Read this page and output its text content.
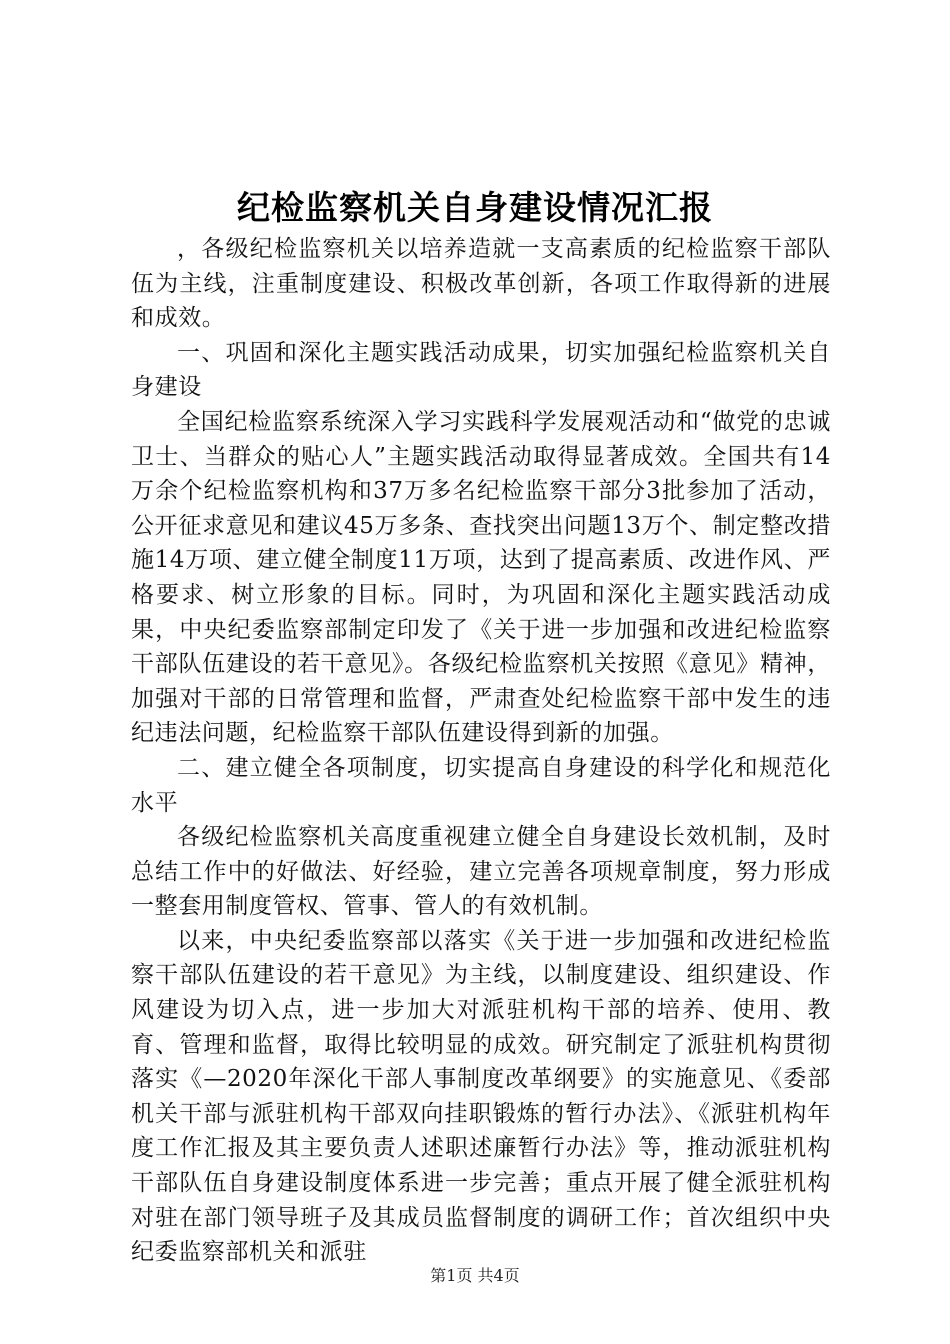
纪检监察机关自身建设情况汇报

，各级纪检监察机关以培养造就一支高素质的纪检监察干部队伍为主线，注重制度建设、积极改革创新，各项工作取得新的进展和成效。

一、巩固和深化主题实践活动成果，切实加强纪检监察机关自身建设

全国纪检监察系统深入学习实践科学发展观活动和“做党的忠诚卫士、当群众的贴心人”主题实践活动取得显著成效。全国共有14万余个纪检监察机构和37万多名纪检监察干部分3批参加了活动，公开征求意见和建议45万多条、查找突出问题13万个、制定整改措施14万项、建立健全制度11万项，达到了提高素质、改进作风、严格要求、树立形象的目标。同时，为巩固和深化主题实践活动成果，中央纪委监察部制定印发了《关于进一步加强和改进纪检监察干部队伍建设的若干意见》。各级纪检监察机关按照《意见》精神，加强对干部的日常管理和监督，严肃查处纪检监察干部中发生的违纪违法问题，纪检监察干部队伍建设得到新的加强。

二、建立健全各项制度，切实提高自身建设的科学化和规范化水平

各级纪检监察机关高度重视建立健全自身建设长效机制，及时总结工作中的好做法、好经验，建立完善各项规章制度，努力形成一整套用制度管权、管事、管人的有效机制。

以来，中央纪委监察部以落实《关于进一步加强和改进纪检监察干部队伍建设的若干意见》为主线，以制度建设、组织建设、作风建设为切入点，进一步加大对派驻机构干部的培养、使用、教育、管理和监督，取得比较明显的成效。研究制定了派驻机构贯彻落实《—2020年深化干部人事制度改革纲要》的实施意见、《委部机关干部与派驻机构干部双向挂职锻炼的暂行办法》、《派驻机构年度工作汇报及其主要负责人述职述廉暂行办法》等，推动派驻机构干部队伍自身建设制度体系进一步完善；重点开展了健全派驻机构对驻在部门领导班子及其成员监督制度的调研工作；首次组织中央纪委监察部机关和派驻

第1页 共4页
